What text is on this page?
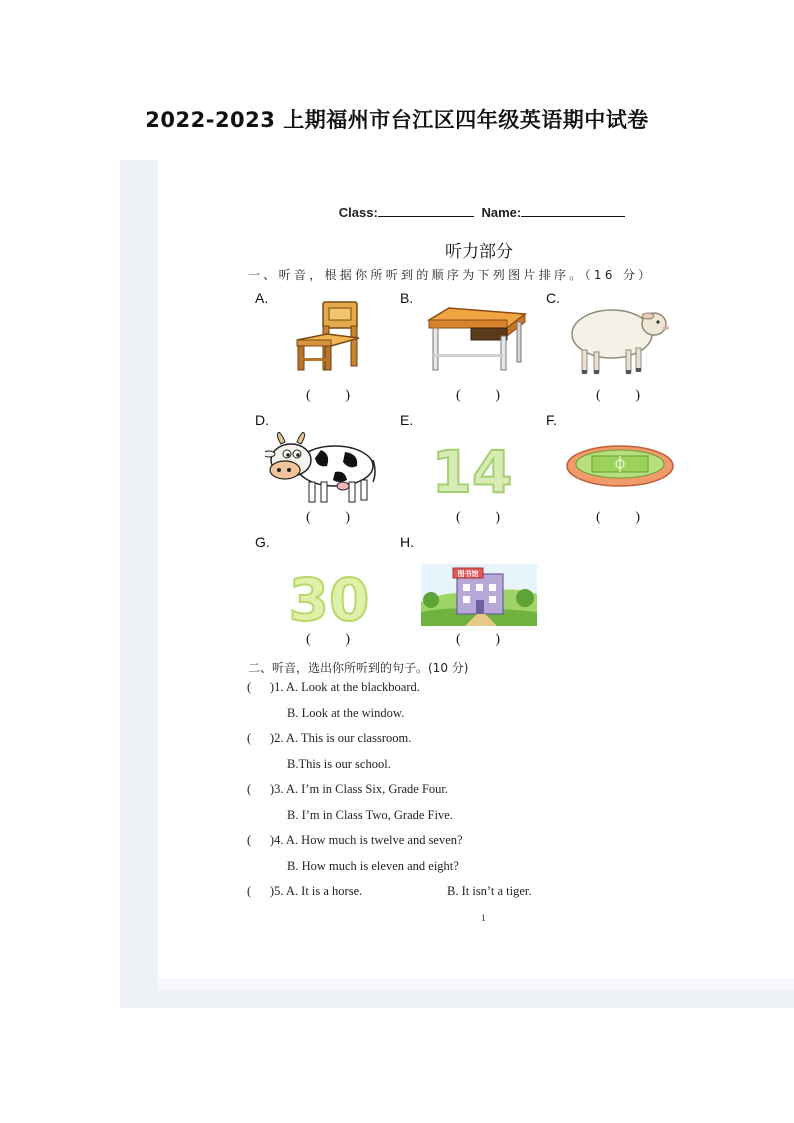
2022-2023 上期福州市台江区四年级英语期中试卷
Class:	Name:
听力部分
一、听音，根据你所听到的顺序为下列图片排序。（16 分）
A.	B.	C.
( )	( )	( )
D.	E.	F.
14
( )	( )	( )
G.	H.
30	图书馆
( )	( )
二、听音，选出你所听到的句子。(10 分)
(      )1. A. Look at the blackboard.
B. Look at the window.
(      )2. A. This is our classroom.
B.This is our school.
(      )3. A. I’m in Class Six, Grade Four.
B. I’m in Class Two, Grade Five.
(      )4. A. How much is twelve and seven?
B. How much is eleven and eight?
(      )5. A. It is a horse.	B. It isn’t a tiger.
1
